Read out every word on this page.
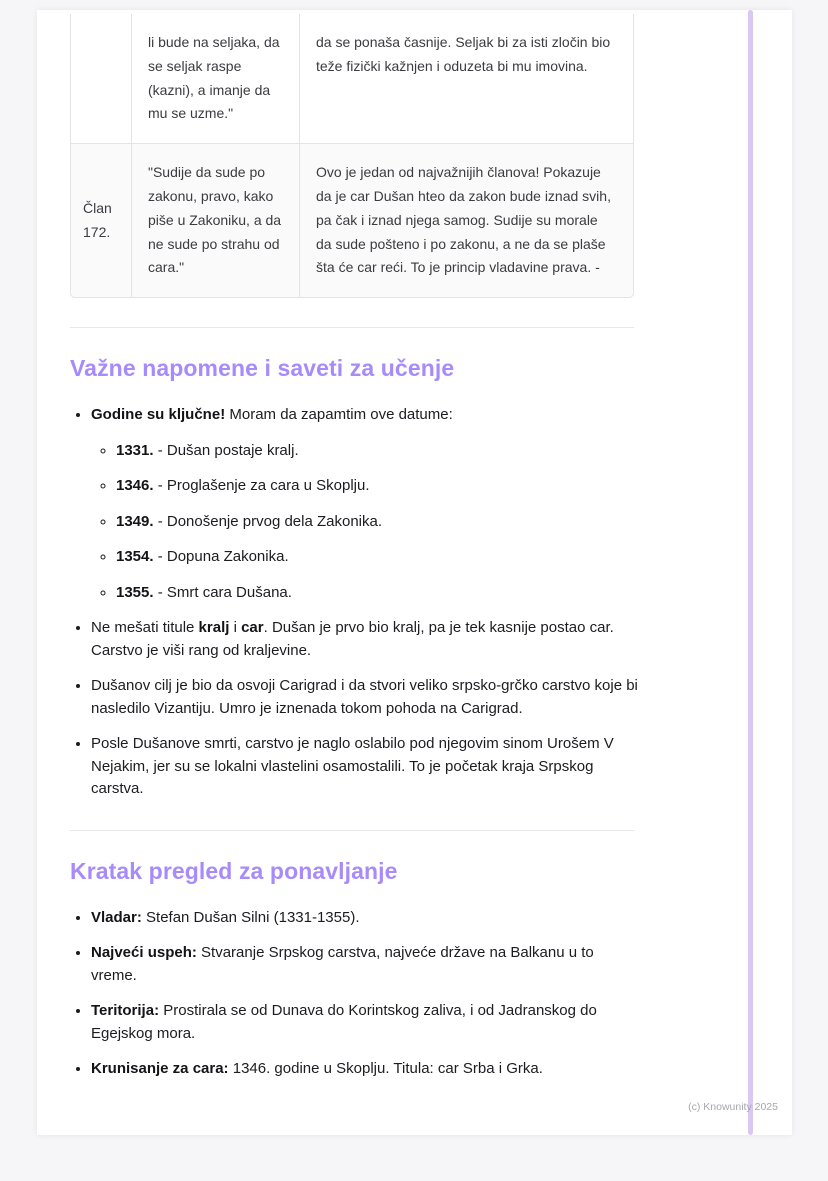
	li bude na seljaka, da se seljak raspe (kazni), a imanje da mu se uzme."	da se ponaša časnije. Seljak bi za isti zločin bio teže fizički kažnjen i oduzeta bi mu imovina.
Član 172.	"Sudije da sude po zakonu, pravo, kako piše u Zakoniku, a da ne sude po strahu od cara."	Ovo je jedan od najvažnijih članova! Pokazuje da je car Dušan hteo da zakon bude iznad svih, pa čak i iznad njega samog. Sudije su morale da sude pošteno i po zakonu, a ne da se plaše šta će car reći. To je princip vladavine prava. -
Važne napomene i saveti za učenje
• Godine su ključne! Moram da zapamtim ove datume:
◦ 1331. - Dušan postaje kralj.
◦ 1346. - Proglašenje za cara u Skoplju.
◦ 1349. - Donošenje prvog dela Zakonika.
◦ 1354. - Dopuna Zakonika.
◦ 1355. - Smrt cara Dušana.
• Ne mešati titule kralj i car. Dušan je prvo bio kralj, pa je tek kasnije postao car. Carstvo je viši rang od kraljevine.
• Dušanov cilj je bio da osvoji Carigrad i da stvori veliko srpsko-grčko carstvo koje bi nasledilo Vizantiju. Umro je iznenada tokom pohoda na Carigrad.
• Posle Dušanove smrti, carstvo je naglo oslabilo pod njegovim sinom Urošem V Nejakim, jer su se lokalni vlastelini osamostalili. To je početak kraja Srpskog carstva.
Kratak pregled za ponavljanje
• Vladar: Stefan Dušan Silni (1331-1355).
• Najveći uspeh: Stvaranje Srpskog carstva, najveće države na Balkanu u to vreme.
• Teritorija: Prostirala se od Dunava do Korintskog zaliva, i od Jadranskog do Egejskog mora.
• Krunisanje za cara: 1346. godine u Skoplju. Titula: car Srba i Grka.
(c) Knowunity 2025
